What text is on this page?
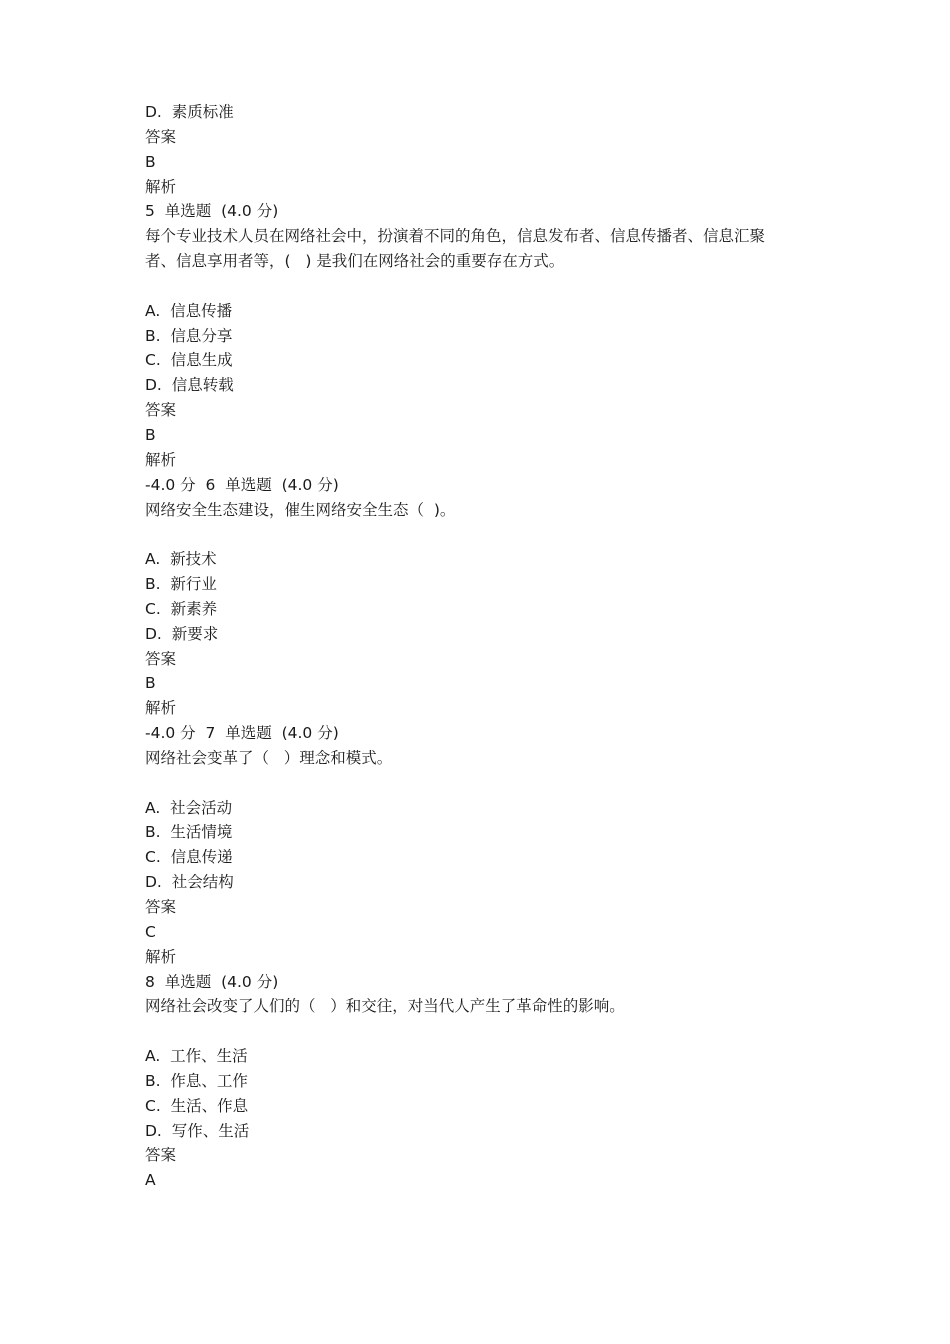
D.  素质标准

答案

B

解析

5  单选题  (4.0 分)

每个专业技术人员在网络社会中，扮演着不同的角色，信息发布者、信息传播者、信息汇聚

者、信息享用者等，(   ) 是我们在网络社会的重要存在方式。

A.  信息传播

B.  信息分享

C.  信息生成

D.  信息转载

答案

B

解析

-4.0 分  6  单选题  (4.0 分)

网络安全生态建设，催生网络安全生态（  )。

A.  新技术

B.  新行业

C.  新素养

D.  新要求

答案

B

解析

-4.0 分  7  单选题  (4.0 分)

网络社会变革了（   ）理念和模式。

A.  社会活动

B.  生活情境

C.  信息传递

D.  社会结构

答案

C

解析

8  单选题  (4.0 分)

网络社会改变了人们的（   ）和交往，对当代人产生了革命性的影响。

A.  工作、生活

B.  作息、工作

C.  生活、作息

D.  写作、生活

答案

A
